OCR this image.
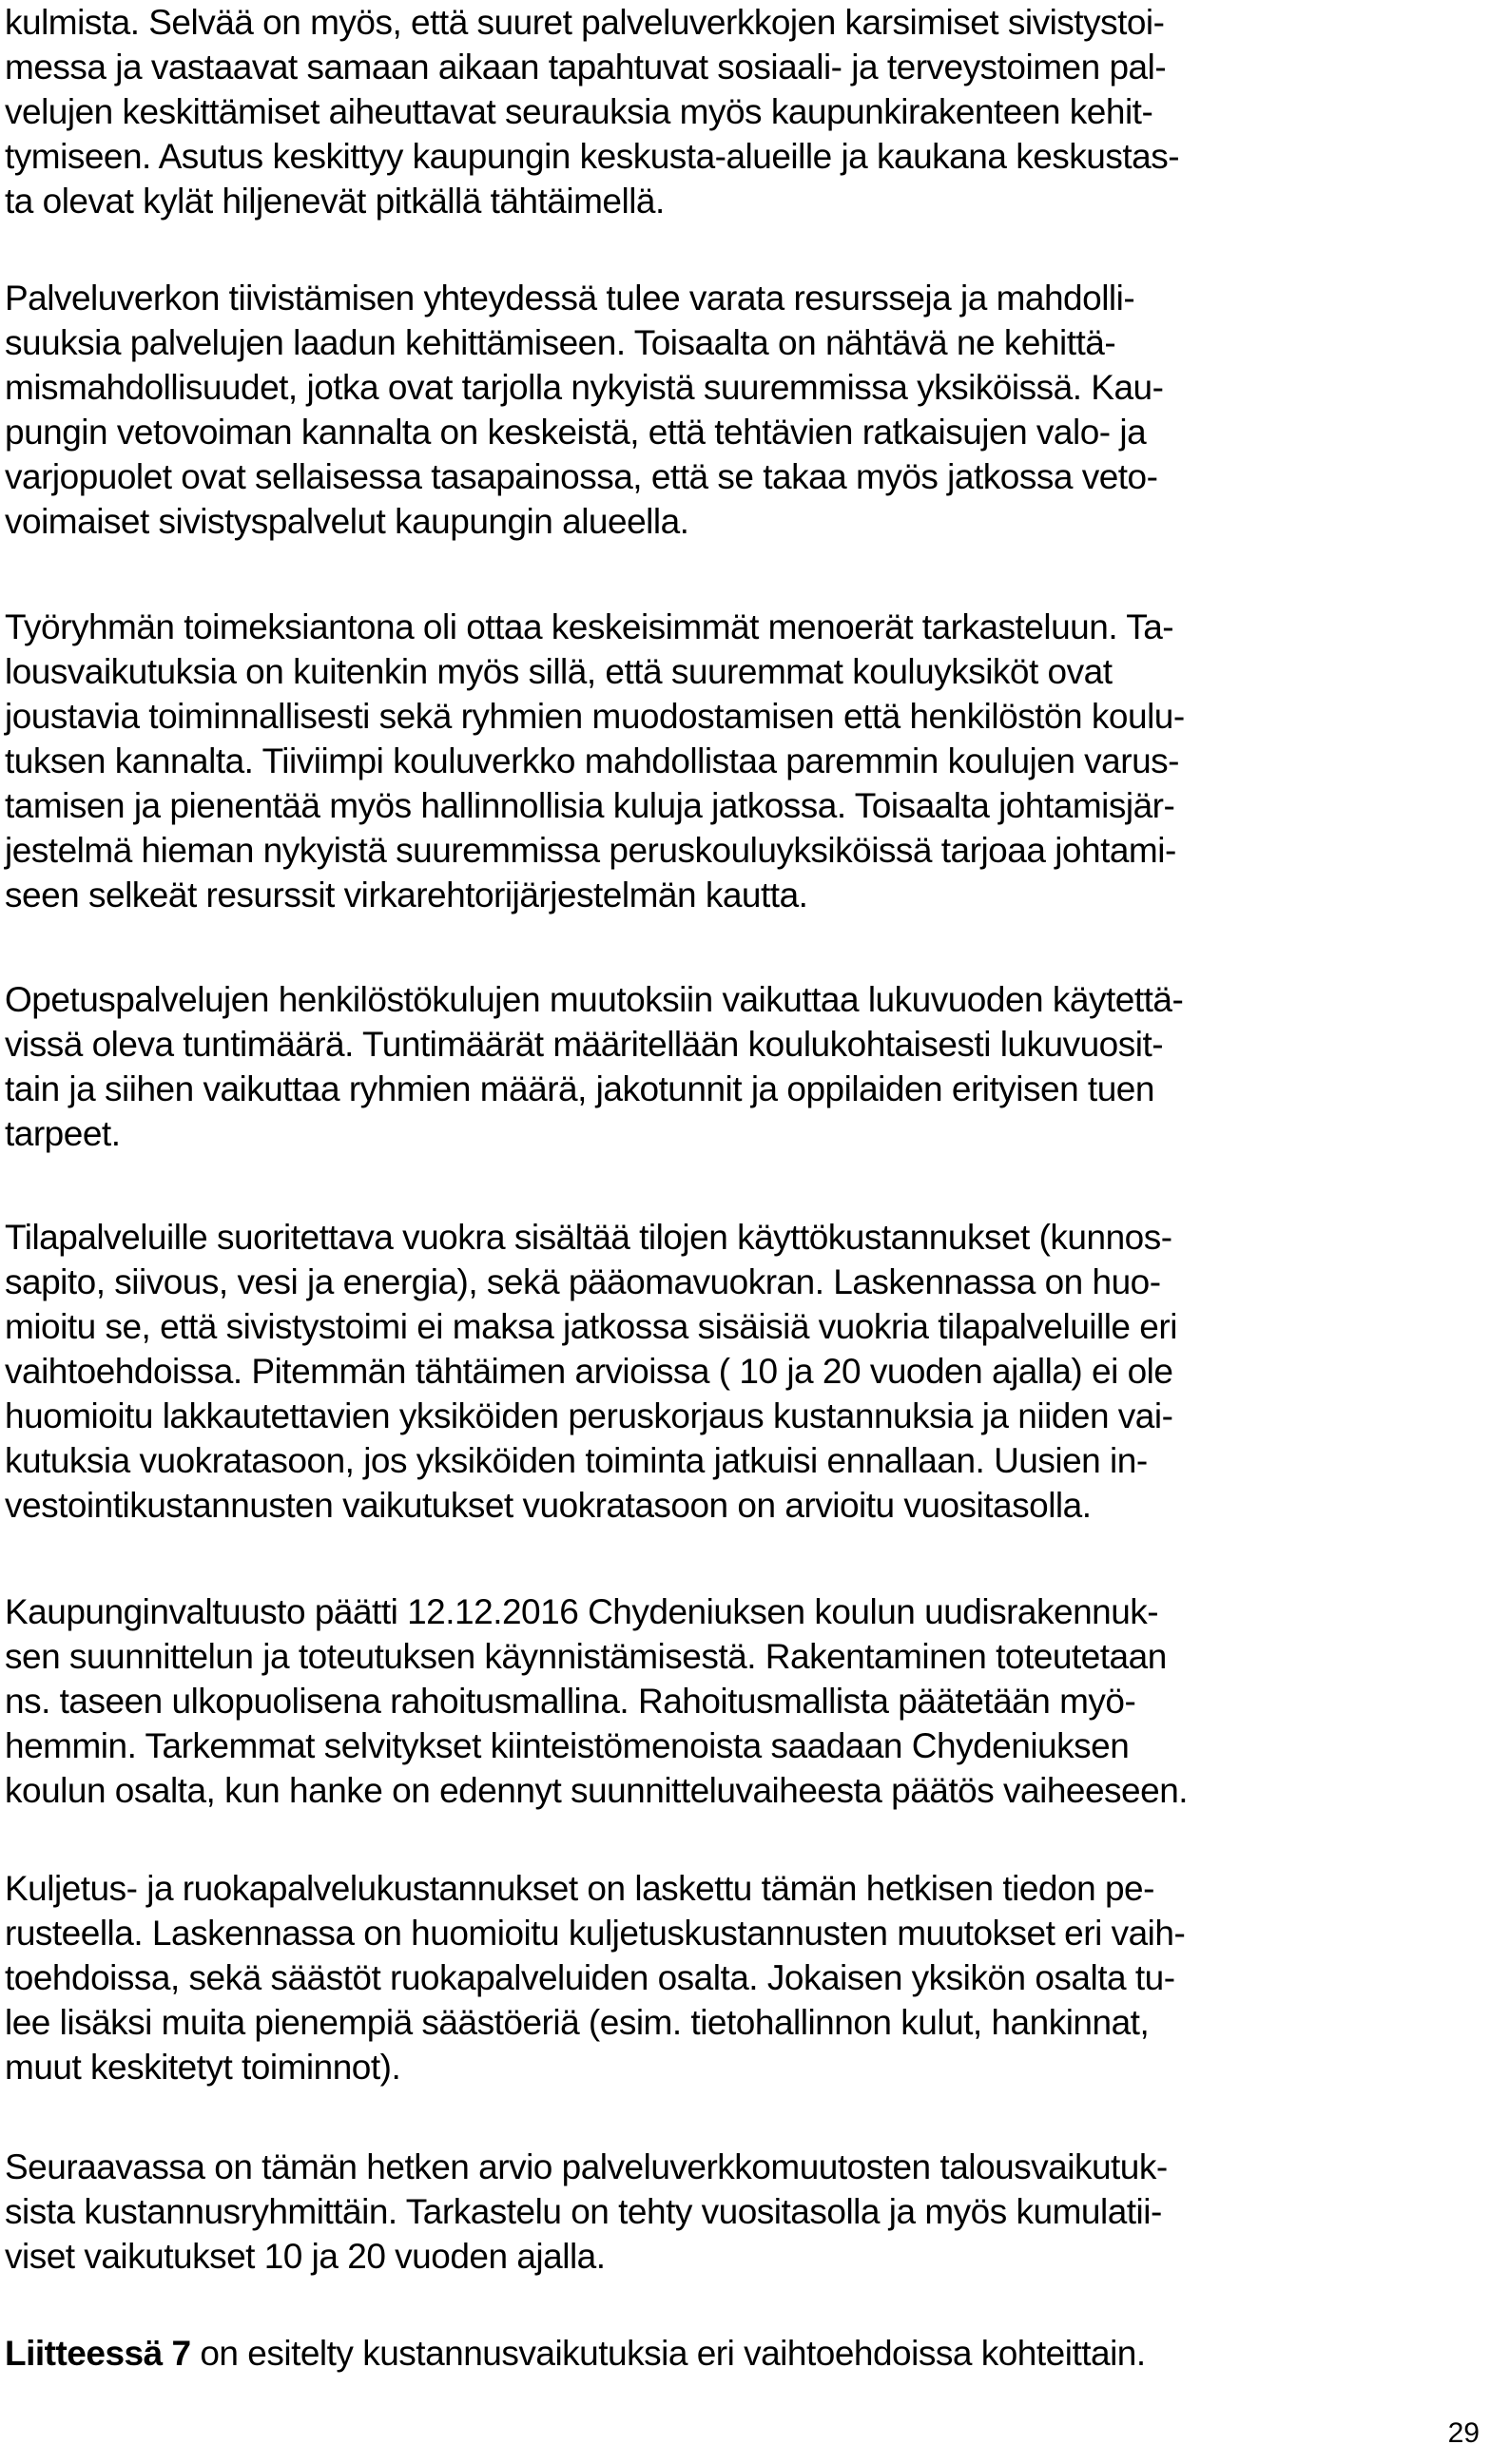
kulmista. Selvää on myös, että suuret palveluverkkojen karsimiset sivistystoi-
messa ja vastaavat samaan aikaan tapahtuvat sosiaali- ja terveystoimen pal-
velujen keskittämiset aiheuttavat seurauksia myös kaupunkirakenteen kehit-
tymiseen. Asutus keskittyy kaupungin keskusta-alueille ja kaukana keskustas-
ta olevat kylät hiljenevät pitkällä tähtäimellä.

Palveluverkon tiivistämisen yhteydessä tulee varata resursseja ja mahdolli-
suuksia palvelujen laadun kehittämiseen. Toisaalta on nähtävä ne kehittä-
mismahdollisuudet, jotka ovat tarjolla nykyistä suuremmissa yksiköissä. Kau-
pungin vetovoiman kannalta on keskeistä, että tehtävien ratkaisujen valo- ja
varjopuolet ovat sellaisessa tasapainossa, että se takaa myös jatkossa veto-
voimaiset sivistyspalvelut kaupungin alueella.

Työryhmän toimeksiantona oli ottaa keskeisimmät menoerät tarkasteluun. Ta-
lousvaikutuksia on kuitenkin myös sillä, että suuremmat kouluyksiköt ovat
joustavia toiminnallisesti sekä ryhmien muodostamisen että henkilöstön koulu-
tuksen kannalta. Tiiviimpi kouluverkko mahdollistaa paremmin koulujen varus-
tamisen ja pienentää myös hallinnollisia kuluja jatkossa. Toisaalta johtamisjär-
jestelmä hieman nykyistä suuremmissa peruskouluyksiköissä tarjoaa johtami-
seen selkeät resurssit virkarehtorijärjestelmän kautta.

Opetuspalvelujen henkilöstökulujen muutoksiin vaikuttaa lukuvuoden käytettä-
vissä oleva tuntimäärä. Tuntimäärät määritellään koulukohtaisesti lukuvuosit-
tain ja siihen vaikuttaa ryhmien määrä, jakotunnit ja oppilaiden erityisen tuen
tarpeet.

Tilapalveluille suoritettava vuokra sisältää tilojen käyttökustannukset (kunnos-
sapito, siivous, vesi ja energia), sekä pääomavuokran. Laskennassa on huo-
mioitu se, että sivistystoimi ei maksa jatkossa sisäisiä vuokria tilapalveluille eri
vaihtoehdoissa. Pitemmän tähtäimen arvioissa ( 10 ja 20 vuoden ajalla) ei ole
huomioitu lakkautettavien yksiköiden peruskorjaus kustannuksia ja niiden vai-
kutuksia vuokratasoon, jos yksiköiden toiminta jatkuisi ennallaan. Uusien in-
vestointikustannusten vaikutukset vuokratasoon on arvioitu vuositasolla.

Kaupunginvaltuusto päätti 12.12.2016 Chydeniuksen koulun uudisrakennuk-
sen suunnittelun ja toteutuksen käynnistämisestä. Rakentaminen toteutetaan
ns. taseen ulkopuolisena rahoitusmallina. Rahoitusmallista päätetään myö-
hemmin. Tarkemmat selvitykset kiinteistömenoista saadaan Chydeniuksen
koulun osalta, kun hanke on edennyt suunnitteluvaiheesta päätös vaiheeseen.

Kuljetus- ja ruokapalvelukustannukset on laskettu tämän hetkisen tiedon pe-
rusteella. Laskennassa on huomioitu kuljetuskustannusten muutokset eri vaih-
toehdoissa, sekä säästöt ruokapalveluiden osalta. Jokaisen yksikön osalta tu-
lee lisäksi muita pienempiä säästöeriä (esim. tietohallinnon kulut, hankinnat,
muut keskitetyt toiminnot).

Seuraavassa on tämän hetken arvio palveluverkkomuutosten talousvaikutuk-
sista kustannusryhmittäin. Tarkastelu on tehty vuositasolla ja myös kumulatii-
viset vaikutukset 10 ja 20 vuoden ajalla.

Liitteessä 7 on esitelty kustannusvaikutuksia eri vaihtoehdoissa kohteittain.

29
